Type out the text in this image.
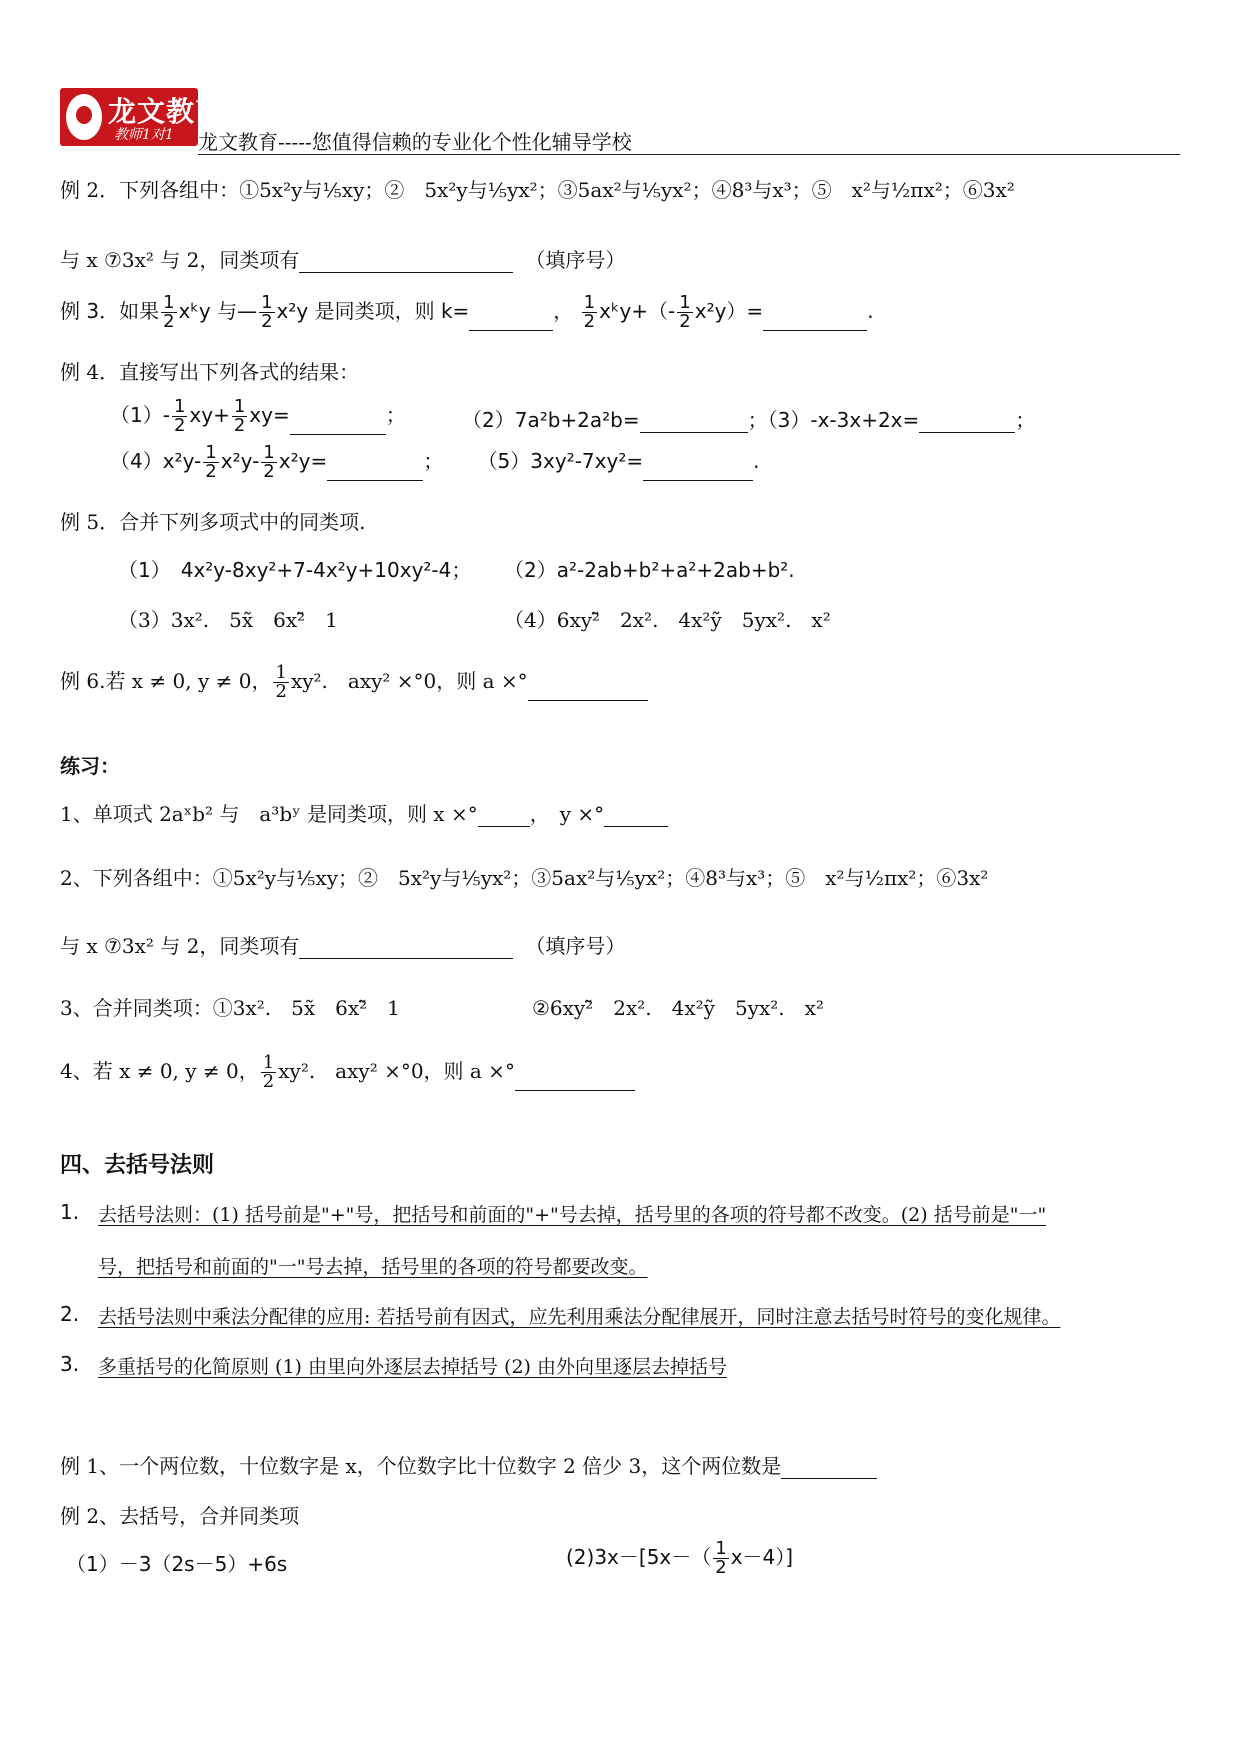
龙文教育
教师1对1 龙文教育-----您值得信赖的专业化个性化辅导学校
例 2．下列各组中：①5x²y与⅕xy；②　5x²y与⅕yx²；③5ax²与⅕yx²；④8³与x³；⑤　x²与½πx²；⑥3x²
与 x ⑦3x² 与 2，同类项有	（填序号）
例 3．如果 $\frac{1}{2}$ xᵏy 与— $\frac{1}{2} x^2y$ 是同类项，则 k=	， $\frac{1}{2}$ xᵏy+（- $\frac{1}{2} x^2y)=$	.
例 4．直接写出下列各式的结果：
$(1)- \frac{1}{2} xy+ \frac{1}{2} xy=$	；	（2）7a²b+2a²b=	；（3）-x-3x+2x=	；
$(4)x^2y- \frac{1}{2} x^2y- \frac{1}{2} x^2y=$	； （5）3xy²-7xy²=	.
例 5．合并下列多项式中的同类项.
（1）　4x²y-8xy²+7-4x²y+10xy²-4； （2）a²-2ab+b²+a²+2ab+b².
（3）3x².　5x̃　6x²̃　1	（4）6xy²̃　2x².　4x²ỹ　5yx².　x²
例 6.若 x ≠ 0, y ≠ 0， $\frac{1}{2} xy^2$.　axy² ×°0，则 a ×°
练习：
1、单项式 2aˣb² 与　a³bʸ 是同类项，则 x ×°	，　 y ×°
2、下列各组中：①5x²y与⅕xy；②　5x²y与⅕yx²；③5ax²与⅕yx²；④8³与x³；⑤　x²与½πx²；⑥3x²
与 x ⑦3x² 与 2，同类项有	（填序号）
3、合并同类项：①3x².　5x̃　6x²̃　1	②6xy²̃　2x².　4x²ỹ　5yx².　x²
4、若 x ≠ 0, y ≠ 0， $\frac{1}{2} xy^2$.　axy² ×°0，则 a ×°
四、去括号法则
1. 去括号法则：(1) 括号前是"+"号，把括号和前面的"+"号去掉，括号里的各项的符号都不改变。(2) 括号前是"一"
号，把括号和前面的"一"号去掉，括号里的各项的符号都要改变。
2. 去括号法则中乘法分配律的应用: 若括号前有因式，应先利用乘法分配律展开，同时注意去括号时符号的变化规律。
3. 多重括号的化简原则 (1) 由里向外逐层去掉括号 (2) 由外向里逐层去掉括号
例 1、一个两位数，十位数字是 x，个位数字比十位数字 2 倍少 3，这个两位数是
例 2、去括号，合并同类项
（1）－3（2s－5）+6s	$(2)3x-[5x-( \frac{1}{2} x-4)]$
